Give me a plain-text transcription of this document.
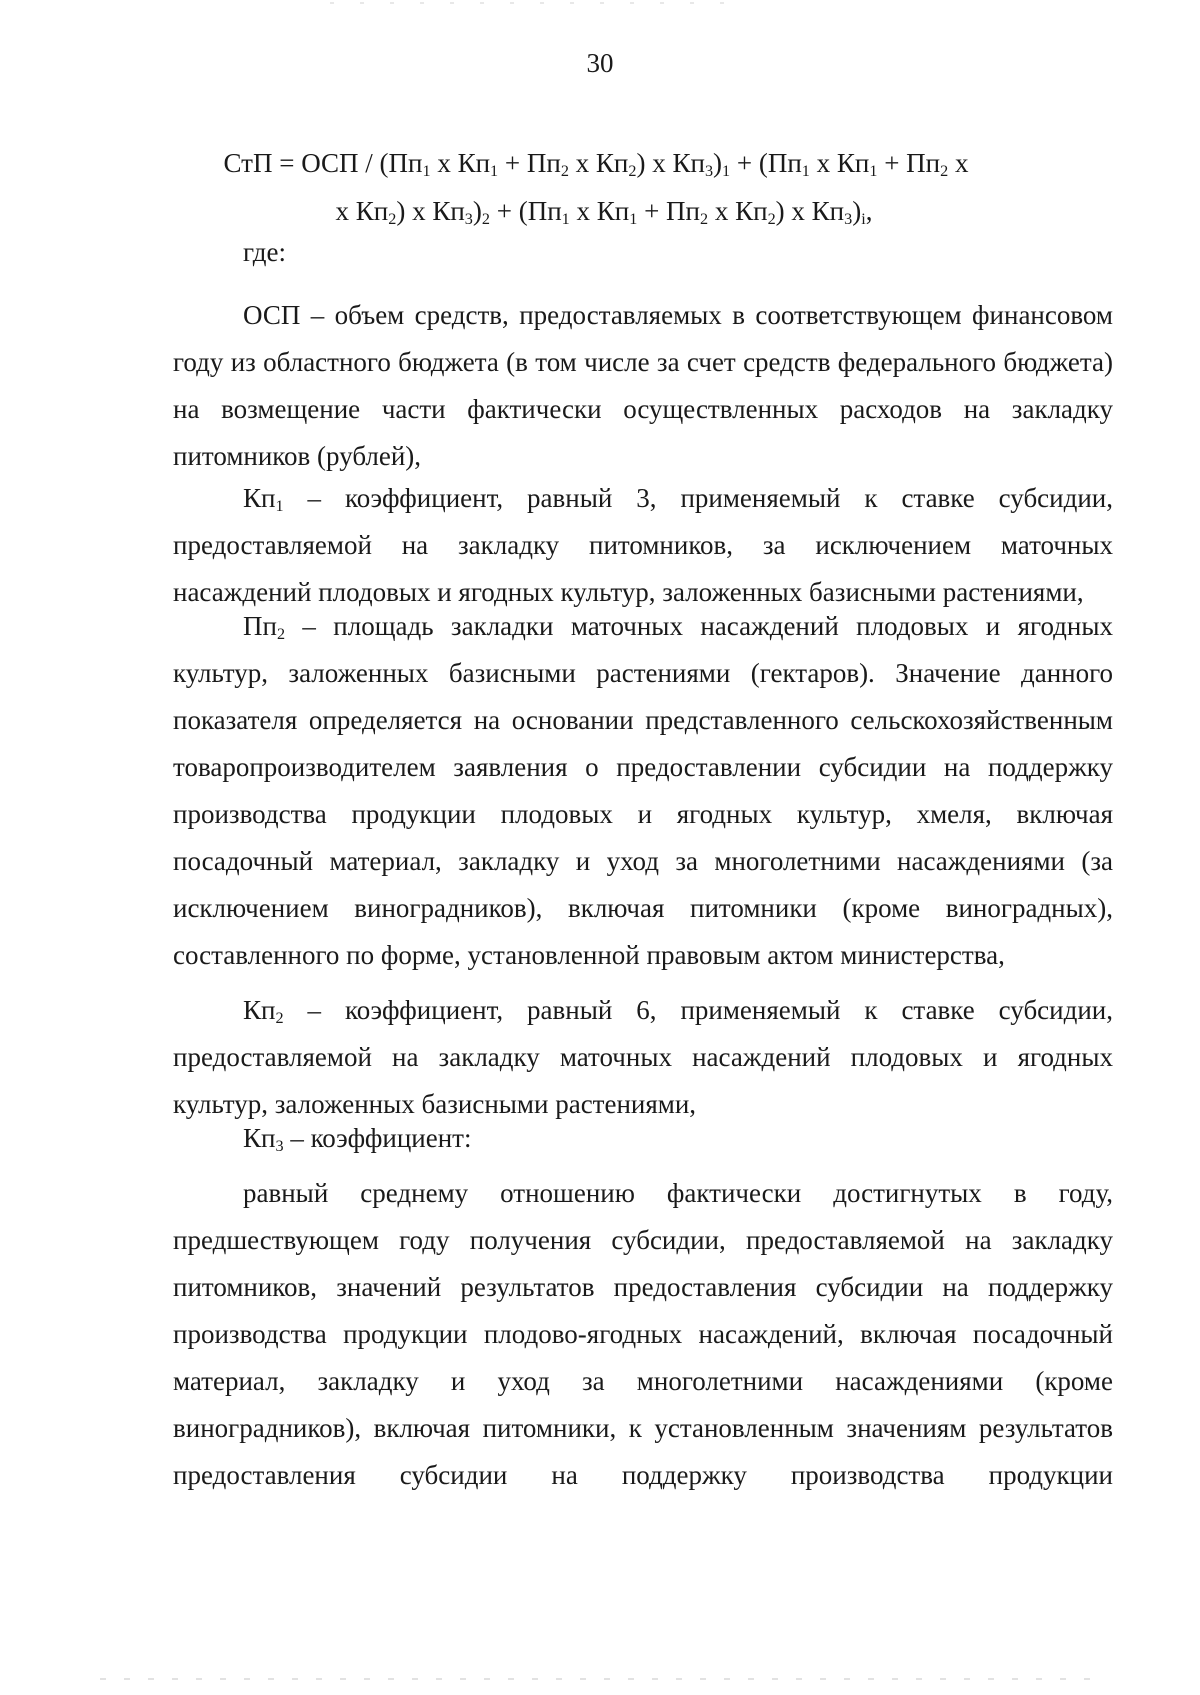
30
СтП = ОСП / ($Пп_1$ х $Кп_1 + Пп_2$ х $Кп_2$) х $Кп_3)_1 + (Пп_1$ х $Кп_1 + Пп_2$ х
х $Кп_2$) х $Кп_3)_2 + (Пп_1$ х $Кп_1 + Пп_2$ х $Кп_2$) х $Кп_3)_i$,

где:

ОСП – объем средств, предоставляемых в соответствующем финансовом году из областного бюджета (в том числе за счет средств федерального бюджета) на возмещение части фактически осуществленных расходов на закладку питомников (рублей),

$Кп_1$ – коэффициент, равный 3, применяемый к ставке субсидии, предоставляемой на закладку питомников, за исключением маточных насаждений плодовых и ягодных культур, заложенных базисными растениями,

$Пп_2$ – площадь закладки маточных насаждений плодовых и ягодных культур, заложенных базисными растениями (гектаров). Значение данного показателя определяется на основании представленного сельскохозяйственным товаропроизводителем заявления о предоставлении субсидии на поддержку производства продукции плодовых и ягодных культур, хмеля, включая посадочный материал, закладку и уход за многолетними насаждениями (за исключением виноградников), включая питомники (кроме виноградных), составленного по форме, установленной правовым актом министерства,

$Кп_2$ – коэффициент, равный 6, применяемый к ставке субсидии, предоставляемой на закладку маточных насаждений плодовых и ягодных культур, заложенных базисными растениями,

$Кп_3$ – коэффициент:

равный среднему отношению фактически достигнутых в году, предшествующем году получения субсидии, предоставляемой на закладку питомников, значений результатов предоставления субсидии на поддержку производства продукции плодово-ягодных насаждений, включая посадочный материал, закладку и уход за многолетними насаждениями (кроме виноградников), включая питомники, к установленным значениям результатов предоставления субсидии на поддержку производства продукции
